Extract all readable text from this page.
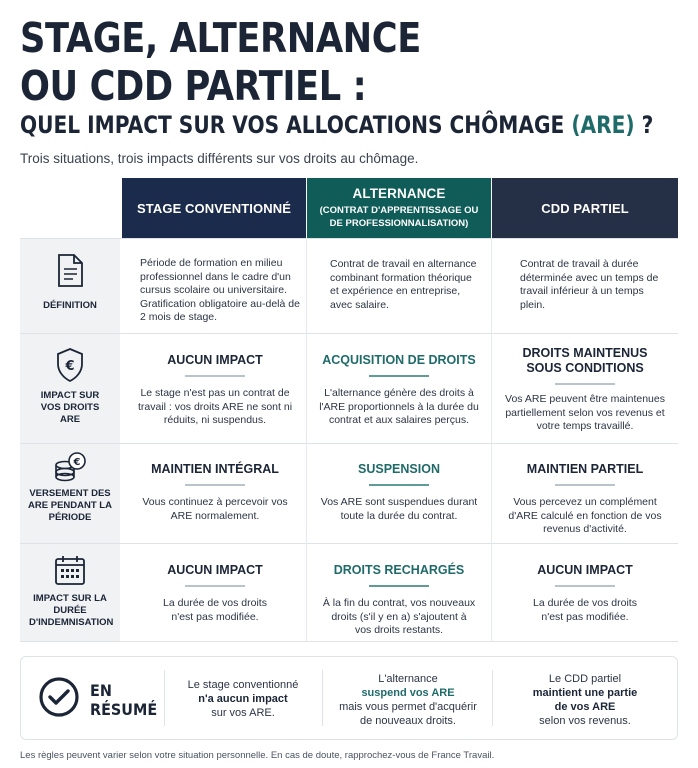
STAGE, ALTERNANCE
OU CDD PARTIEL :
QUEL IMPACT SUR VOS ALLOCATIONS CHÔMAGE (ARE) ?
Trois situations, trois impacts différents sur vos droits au chômage.
STAGE CONVENTIONNÉ
ALTERNANCE
(CONTRAT D'APPRENTISSAGE OU DE PROFESSIONNALISATION)
CDD PARTIEL
DÉFINITION
Période de formation en milieu professionnel dans le cadre d'un cursus scolaire ou universitaire. Gratification obligatoire au-delà de 2 mois de stage.
Contrat de travail en alternance combinant formation théorique et expérience en entreprise, avec salaire.
Contrat de travail à durée déterminée avec un temps de travail inférieur à un temps plein.
€
IMPACT SUR VOS DROITS ARE
AUCUN IMPACT
Le stage n'est pas un contrat de travail : vos droits ARE ne sont ni réduits, ni suspendus.
ACQUISITION DE DROITS
L'alternance génère des droits à l'ARE proportionnels à la durée du contrat et aux salaires perçus.
DROITS MAINTENUS SOUS CONDITIONS
Vos ARE peuvent être maintenues partiellement selon vos revenus et votre temps travaillé.
€
VERSEMENT DES ARE PENDANT LA PÉRIODE
MAINTIEN INTÉGRAL
Vous continuez à percevoir vos ARE normalement.
SUSPENSION
Vos ARE sont suspendues durant toute la durée du contrat.
MAINTIEN PARTIEL
Vous percevez un complément d'ARE calculé en fonction de vos revenus d'activité.
IMPACT SUR LA DURÉE D'INDEMNISATION
AUCUN IMPACT
La durée de vos droits n'est pas modifiée.
DROITS RECHARGÉS
À la fin du contrat, vos nouveaux droits (s'il y en a) s'ajoutent à vos droits restants.
AUCUN IMPACT
La durée de vos droits n'est pas modifiée.
EN
RÉSUMÉ
Le stage conventionné
n'a aucun impact
sur vos ARE.
L'alternance
suspend vos ARE
mais vous permet d'acquérir de nouveaux droits.
Le CDD partiel
maintient une partie de vos ARE
selon vos revenus.
Les règles peuvent varier selon votre situation personnelle. En cas de doute, rapprochez-vous de France Travail.
